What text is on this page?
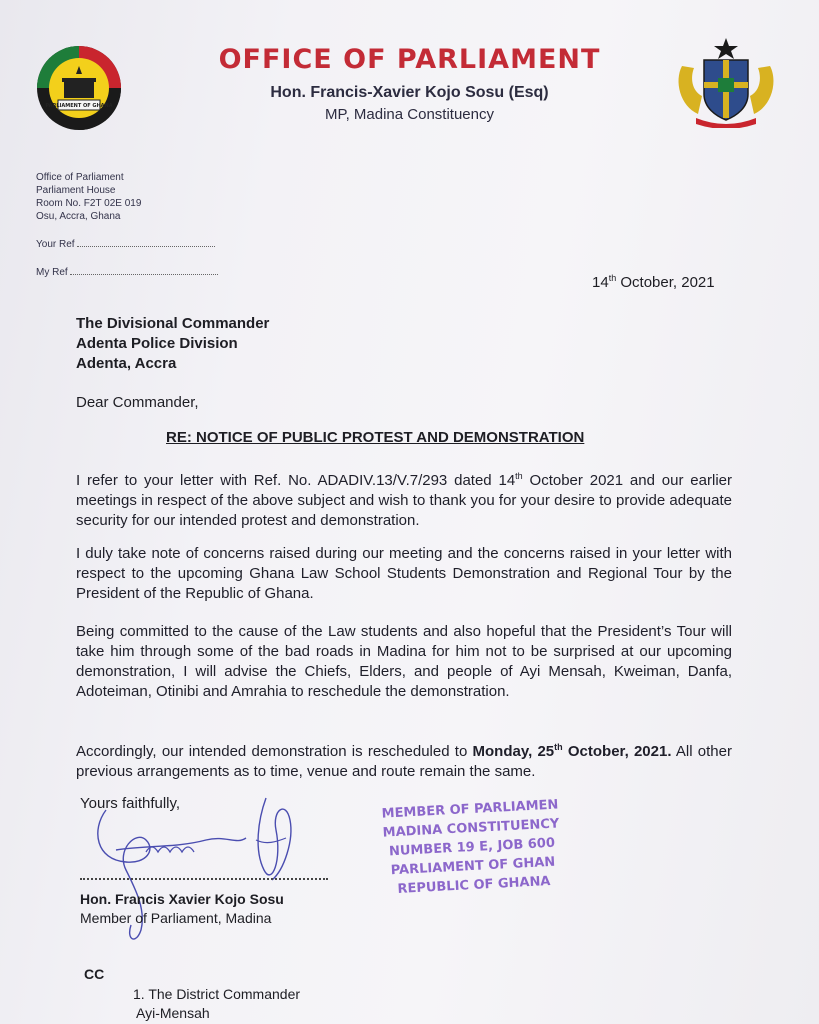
PARLIAMENT OF GHANA
OFFICE OF PARLIAMENT
Hon. Francis-Xavier Kojo Sosu (Esq)
MP, Madina Constituency
Office of Parliament
Parliament House
Room No. F2T 02E 019
Osu, Accra, Ghana
Your Ref
My Ref
14th October, 2021
The Divisional Commander
Adenta Police Division
Adenta, Accra
Dear Commander,
RE: NOTICE OF PUBLIC PROTEST AND DEMONSTRATION
I refer to your letter with Ref. No. ADADIV.13/V.7/293 dated 14th October 2021 and our earlier meetings in respect of the above subject and wish to thank you for your desire to provide adequate security for our intended protest and demonstration.
I duly take note of concerns raised during our meeting and the concerns raised in your letter with respect to the upcoming Ghana Law School Students Demonstration and Regional Tour by the President of the Republic of Ghana.
Being committed to the cause of the Law students and also hopeful that the President’s Tour will take him through some of the bad roads in Madina for him not to be surprised at our upcoming demonstration, I will advise the Chiefs, Elders, and people of Ayi Mensah, Kweiman, Danfa, Adoteiman, Otinibi and Amrahia to reschedule the demonstration.
Accordingly, our intended demonstration is rescheduled to Monday, 25th October, 2021. All other previous arrangements as to time, venue and route remain the same.
Yours faithfully,
Hon. Francis Xavier Kojo Sosu
Member of Parliament, Madina
MEMBER OF PARLIAMEN
MADINA CONSTITUENCY
NUMBER 19 E, JOB 600
PARLIAMENT OF GHAN
REPUBLIC OF GHANA
CC
1. The District Commander
Ayi-Mensah
